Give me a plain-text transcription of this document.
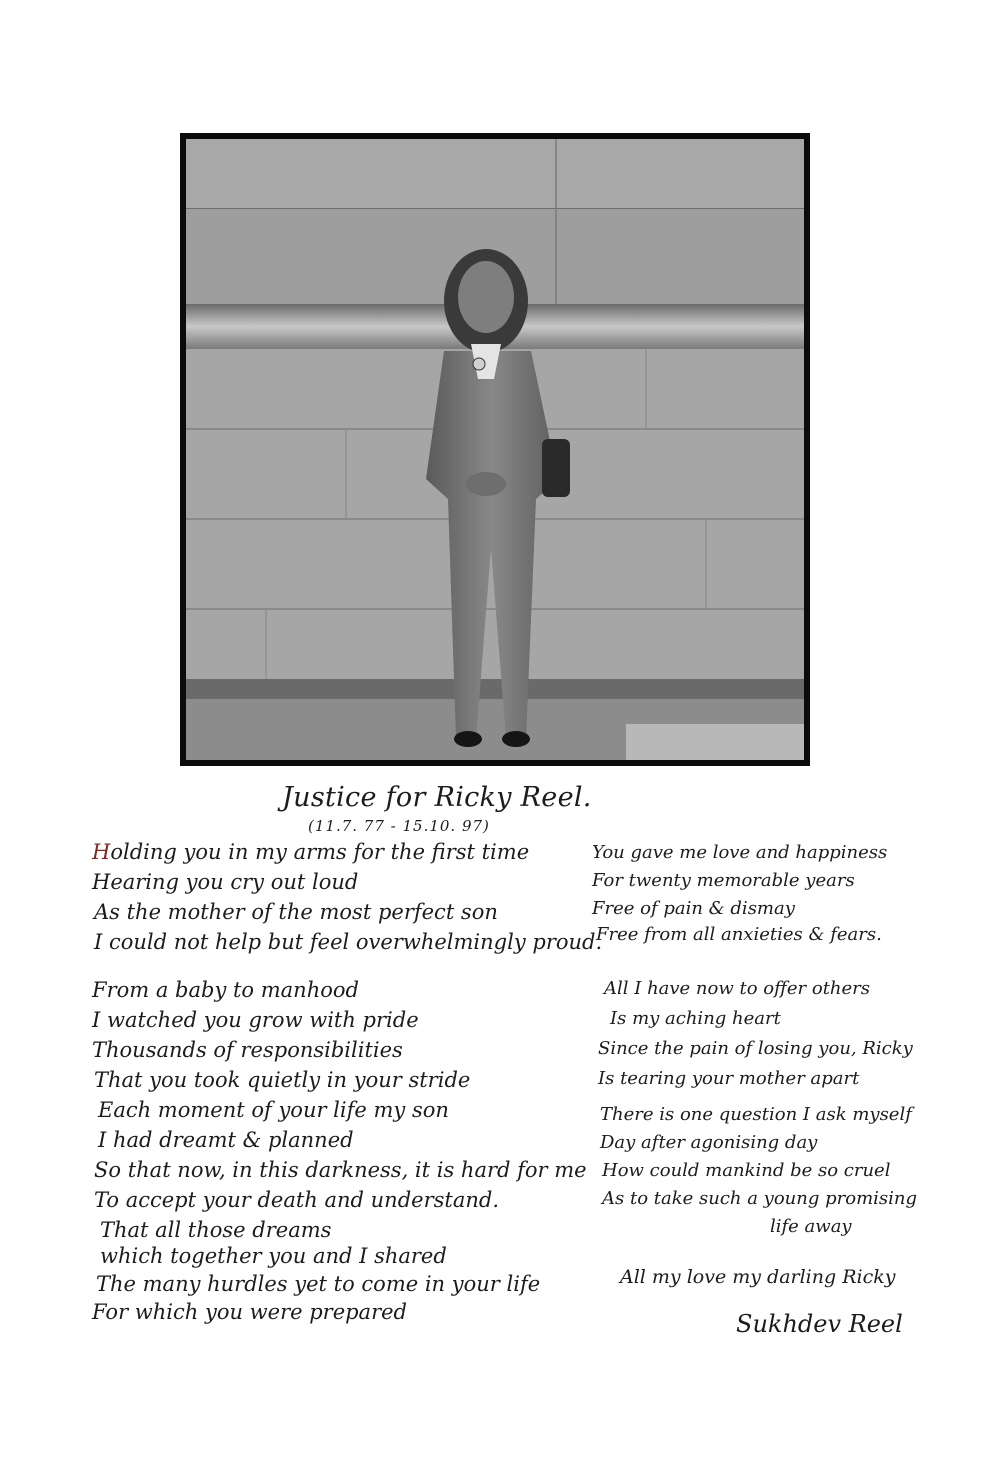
Justice for Ricky Reel.

(11.7. 77 - 15.10. 97)

Holding you in my arms for the first time
Hearing you cry out loud
As the mother of the most perfect son
I could not help but feel overwhelmingly proud.
From a baby to manhood
I watched you grow with pride
Thousands of responsibilities
That you took quietly in your stride
Each moment of your life my son
I had dreamt & planned
So that now, in this darkness, it is hard for me
To accept your death and understand.
That all those dreams
which together you and I shared
The many hurdles yet to come in your life
For which you were prepared
You gave me love and happiness
For twenty memorable years
Free of pain & dismay
Free from all anxieties & fears.
All I have now to offer others
Is my aching heart
Since the pain of losing you, Ricky
Is tearing your mother apart
There is one question I ask myself
Day after agonising day
How could mankind be so cruel
As to take such a young promising
life away
All my love my darling Ricky
Sukhdev Reel
